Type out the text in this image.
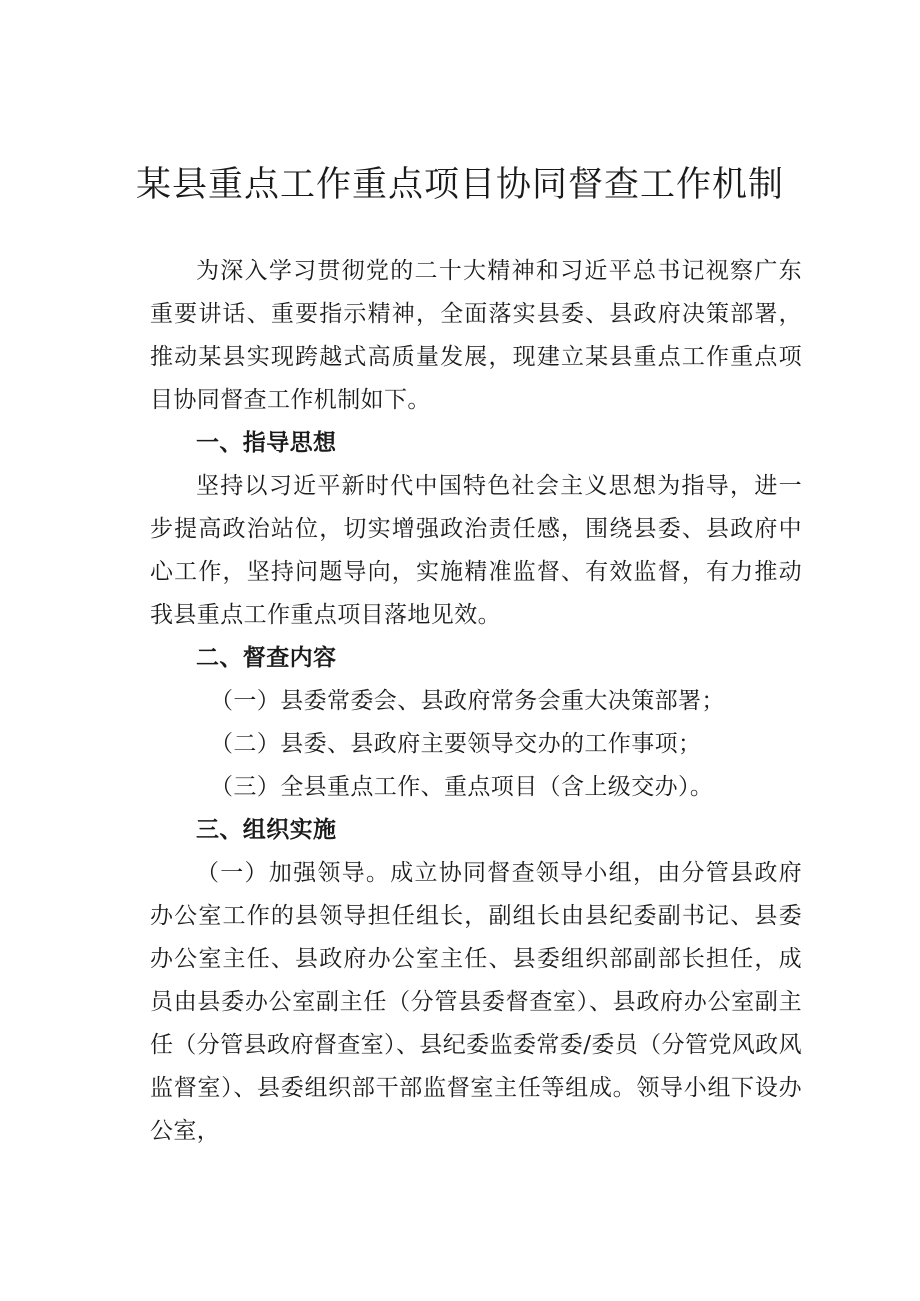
某县重点工作重点项目协同督查工作机制

为深入学习贯彻党的二十大精神和习近平总书记视察广东重要讲话、重要指示精神，全面落实县委、县政府决策部署，推动某县实现跨越式高质量发展，现建立某县重点工作重点项目协同督查工作机制如下。

一、指导思想

坚持以习近平新时代中国特色社会主义思想为指导，进一步提高政治站位，切实增强政治责任感，围绕县委、县政府中心工作，坚持问题导向，实施精准监督、有效监督，有力推动我县重点工作重点项目落地见效。

二、督查内容

（一）县委常委会、县政府常务会重大决策部署；

（二）县委、县政府主要领导交办的工作事项；

（三）全县重点工作、重点项目（含上级交办）。

三、组织实施

（一）加强领导。成立协同督查领导小组，由分管县政府办公室工作的县领导担任组长，副组长由县纪委副书记、县委办公室主任、县政府办公室主任、县委组织部副部长担任，成员由县委办公室副主任（分管县委督查室）、县政府办公室副主任（分管县政府督查室）、县纪委监委常委/委员（分管党风政风监督室）、县委组织部干部监督室主任等组成。领导小组下设办公室，
